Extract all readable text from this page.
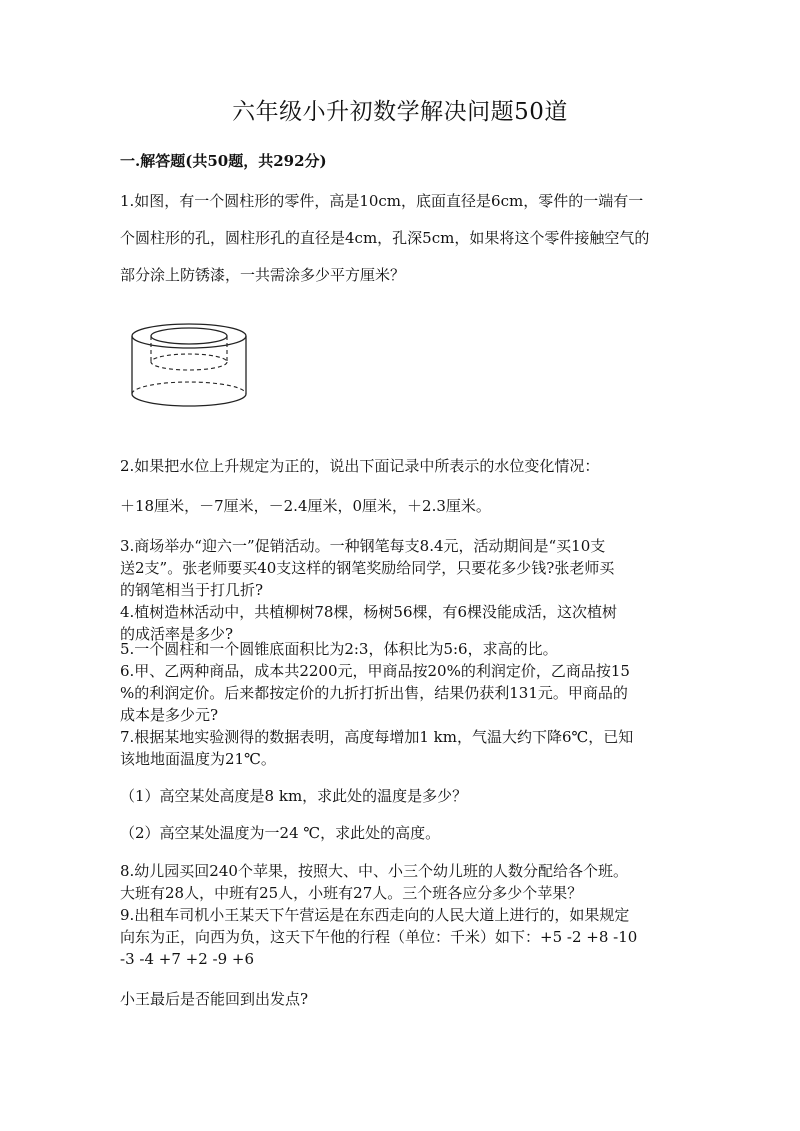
六年级小升初数学解决问题50道
一.解答题(共50题，共292分)
1.如图，有一个圆柱形的零件，高是10cm，底面直径是6cm，零件的一端有一
个圆柱形的孔，圆柱形孔的直径是4cm，孔深5cm，如果将这个零件接触空气的
部分涂上防锈漆，一共需涂多少平方厘米？
2.如果把水位上升规定为正的，说出下面记录中所表示的水位变化情况：
＋18厘米，－7厘米，－2.4厘米，0厘米，＋2.3厘米。
3.商场举办“迎六一”促销活动。一种钢笔每支8.4元，活动期间是“买10支
送2支”。张老师要买40支这样的钢笔奖励给同学，只要花多少钱?张老师买
的钢笔相当于打几折?
4.植树造林活动中，共植柳树78棵，杨树56棵，有6棵没能成活，这次植树
的成活率是多少?
5.一个圆柱和一个圆锥底面积比为2:3，体积比为5:6，求高的比。
6.甲、乙两种商品，成本共2200元，甲商品按20%的利润定价，乙商品按15
%的利润定价。后来都按定价的九折打折出售，结果仍获利131元。甲商品的
成本是多少元?
7.根据某地实验测得的数据表明，高度每增加1 km，气温大约下降6℃，已知
该地地面温度为21℃。
（1）高空某处高度是8 km，求此处的温度是多少？
（2）高空某处温度为一24 ℃，求此处的高度。
8.幼儿园买回240个苹果，按照大、中、小三个幼儿班的人数分配给各个班。
大班有28人，中班有25人，小班有27人。三个班各应分多少个苹果？
9.出租车司机小王某天下午营运是在东西走向的人民大道上进行的，如果规定
向东为正，向西为负，这天下午他的行程（单位：千米）如下：+5 -2 +8 -10
-3 -4 +7 +2 -9 +6
小王最后是否能回到出发点?
